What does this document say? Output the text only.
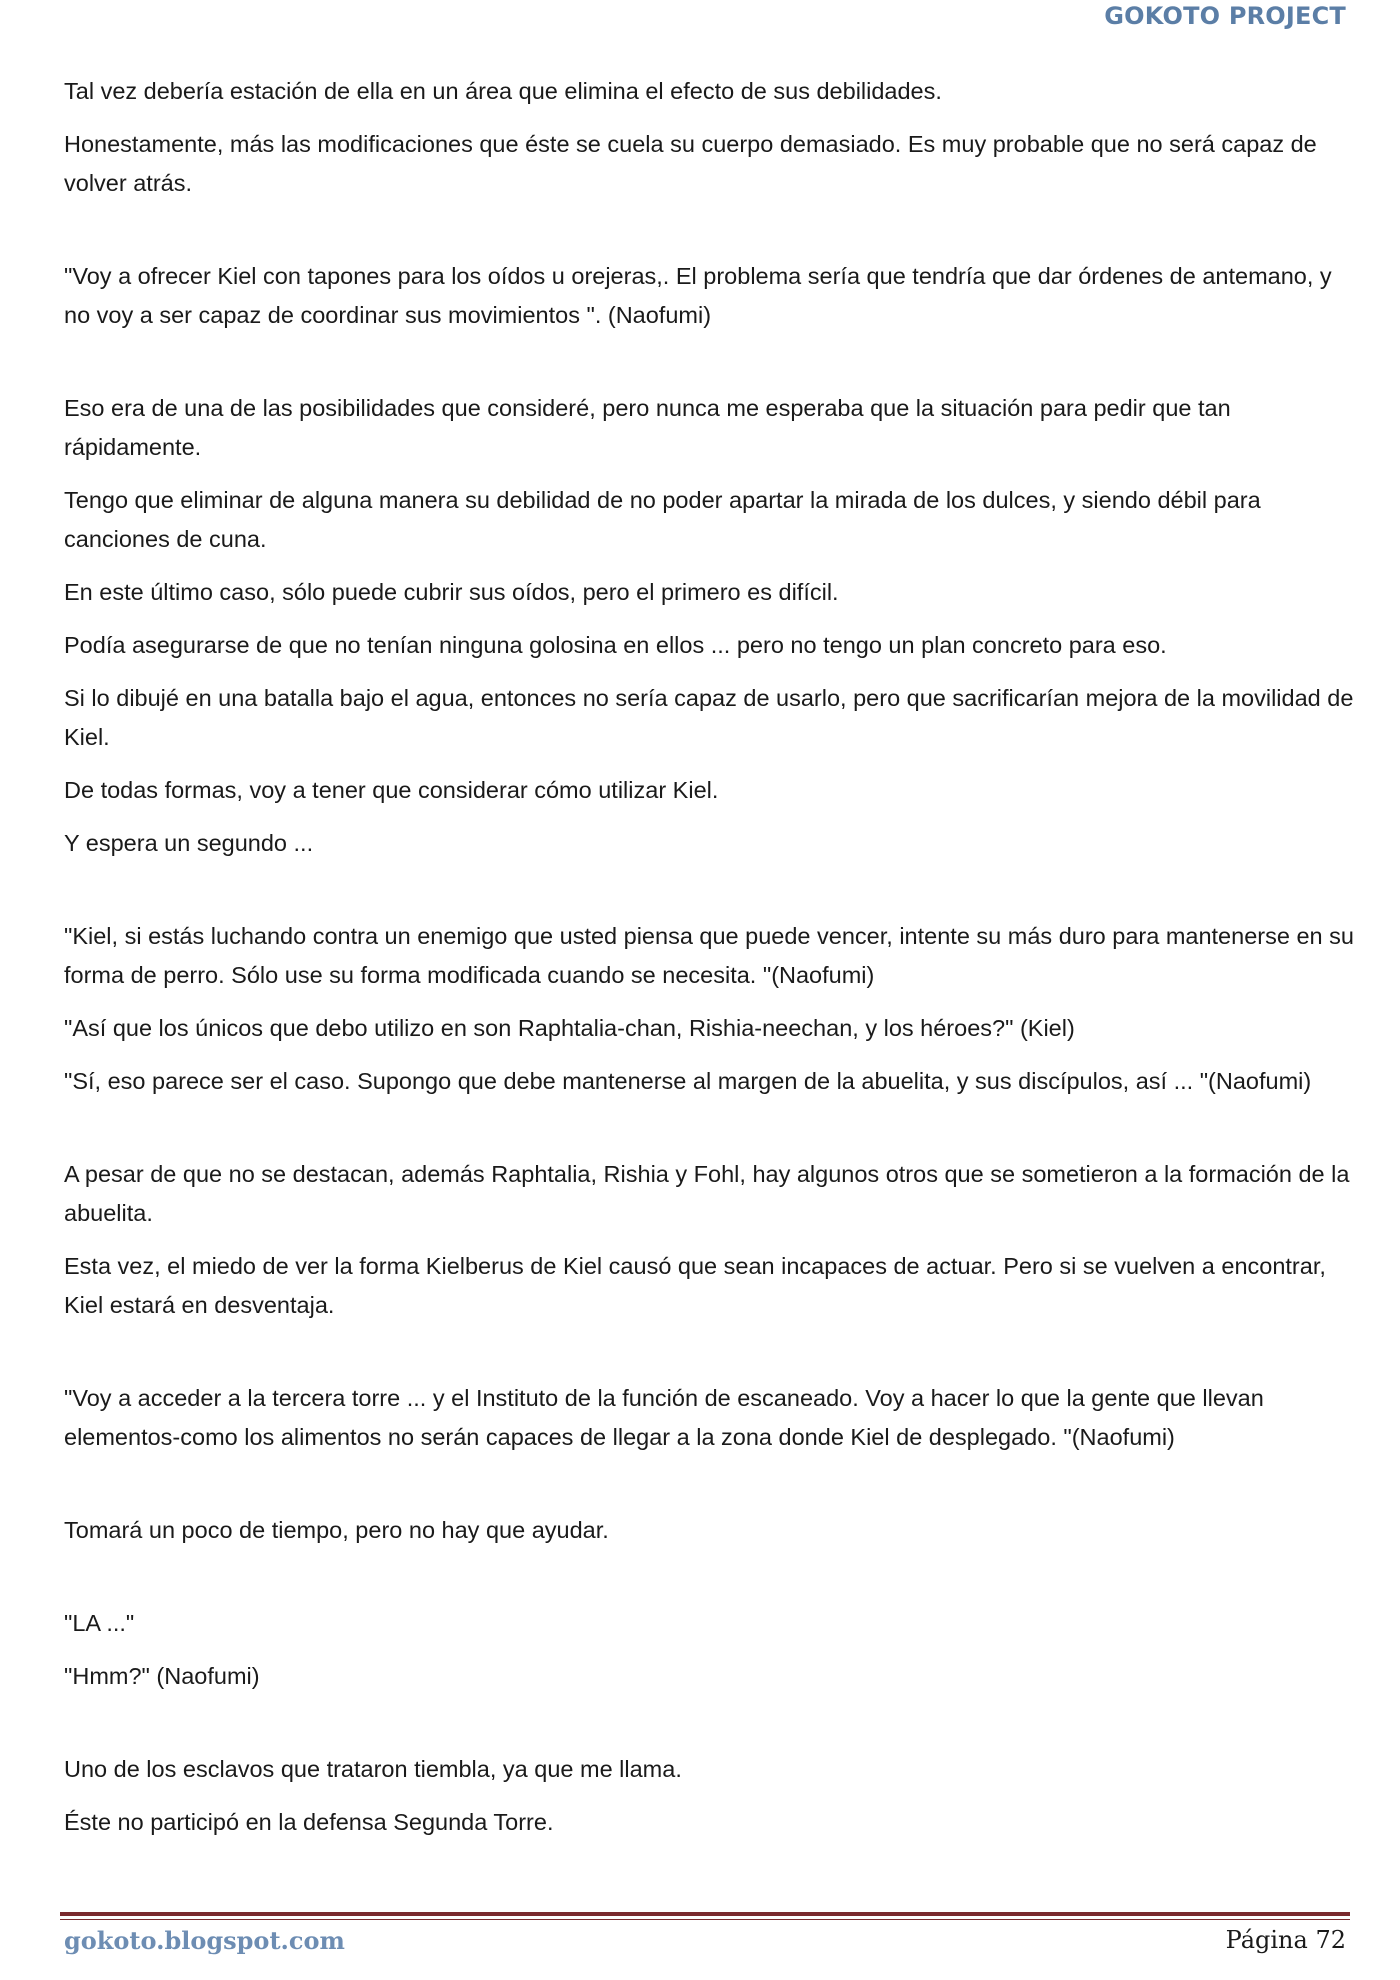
GOKOTO PROJECT

Tal vez debería estación de ella en un área que elimina el efecto de sus debilidades.

Honestamente, más las modificaciones que éste se cuela su cuerpo demasiado. Es muy probable que no será capaz de volver atrás.

"Voy a ofrecer Kiel con tapones para los oídos u orejeras,. El problema sería que tendría que dar órdenes de antemano, y no voy a ser capaz de coordinar sus movimientos ". (Naofumi)

Eso era de una de las posibilidades que consideré, pero nunca me esperaba que la situación para pedir que tan rápidamente.

Tengo que eliminar de alguna manera su debilidad de no poder apartar la mirada de los dulces, y siendo débil para canciones de cuna.

En este último caso, sólo puede cubrir sus oídos, pero el primero es difícil.

Podía asegurarse de que no tenían ninguna golosina en ellos ... pero no tengo un plan concreto para eso.

Si lo dibujé en una batalla bajo el agua, entonces no sería capaz de usarlo, pero que sacrificarían mejora de la movilidad de Kiel.

De todas formas, voy a tener que considerar cómo utilizar Kiel.

Y espera un segundo ...

"Kiel, si estás luchando contra un enemigo que usted piensa que puede vencer, intente su más duro para mantenerse en su forma de perro. Sólo use su forma modificada cuando se necesita. "(Naofumi)

"Así que los únicos que debo utilizo en son Raphtalia-chan, Rishia-neechan, y los héroes?" (Kiel)

"Sí, eso parece ser el caso. Supongo que debe mantenerse al margen de la abuelita, y sus discípulos, así ... "(Naofumi)

A pesar de que no se destacan, además Raphtalia, Rishia y Fohl, hay algunos otros que se sometieron a la formación de la abuelita.

Esta vez, el miedo de ver la forma Kielberus de Kiel causó que sean incapaces de actuar. Pero si se vuelven a encontrar, Kiel estará en desventaja.

"Voy a acceder a la tercera torre ... y el Instituto de la función de escaneado. Voy a hacer lo que la gente que llevan elementos-como los alimentos no serán capaces de llegar a la zona donde Kiel de desplegado. "(Naofumi)

Tomará un poco de tiempo, pero no hay que ayudar.

"LA ..."

"Hmm?" (Naofumi)

Uno de los esclavos que trataron tiembla, ya que me llama.

Éste no participó en la defensa Segunda Torre.

gokoto.blogspot.com	Página 72
